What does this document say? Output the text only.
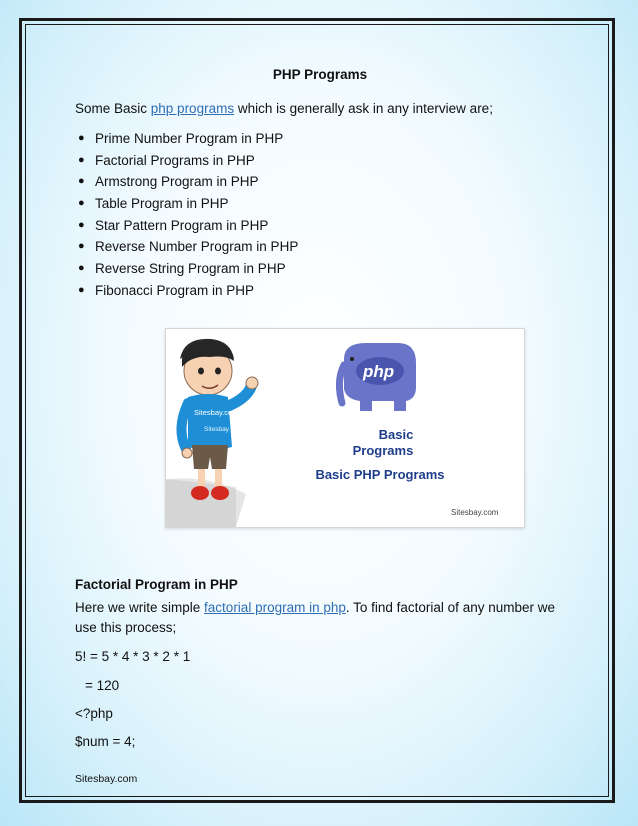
PHP Programs
Some Basic php programs which is generally ask in any interview are;
● Prime Number Program in PHP
● Factorial Programs in PHP
● Armstrong Program in PHP
● Table Program in PHP
● Star Pattern Program in PHP
● Reverse Number Program in PHP
● Reverse String Program in PHP
● Fibonacci Program in PHP
Factorial Program in PHP
Here we write simple factorial program in php. To find factorial of any number we
use this process;
5! = 5 * 4 * 3 * 2 * 1
= 120
<?php
$num = 4;
Sitesbay.com
Sitesbay
php
Basic
Programs
Basic PHP Programs
Sitesbay.com
Sitesbay.com
